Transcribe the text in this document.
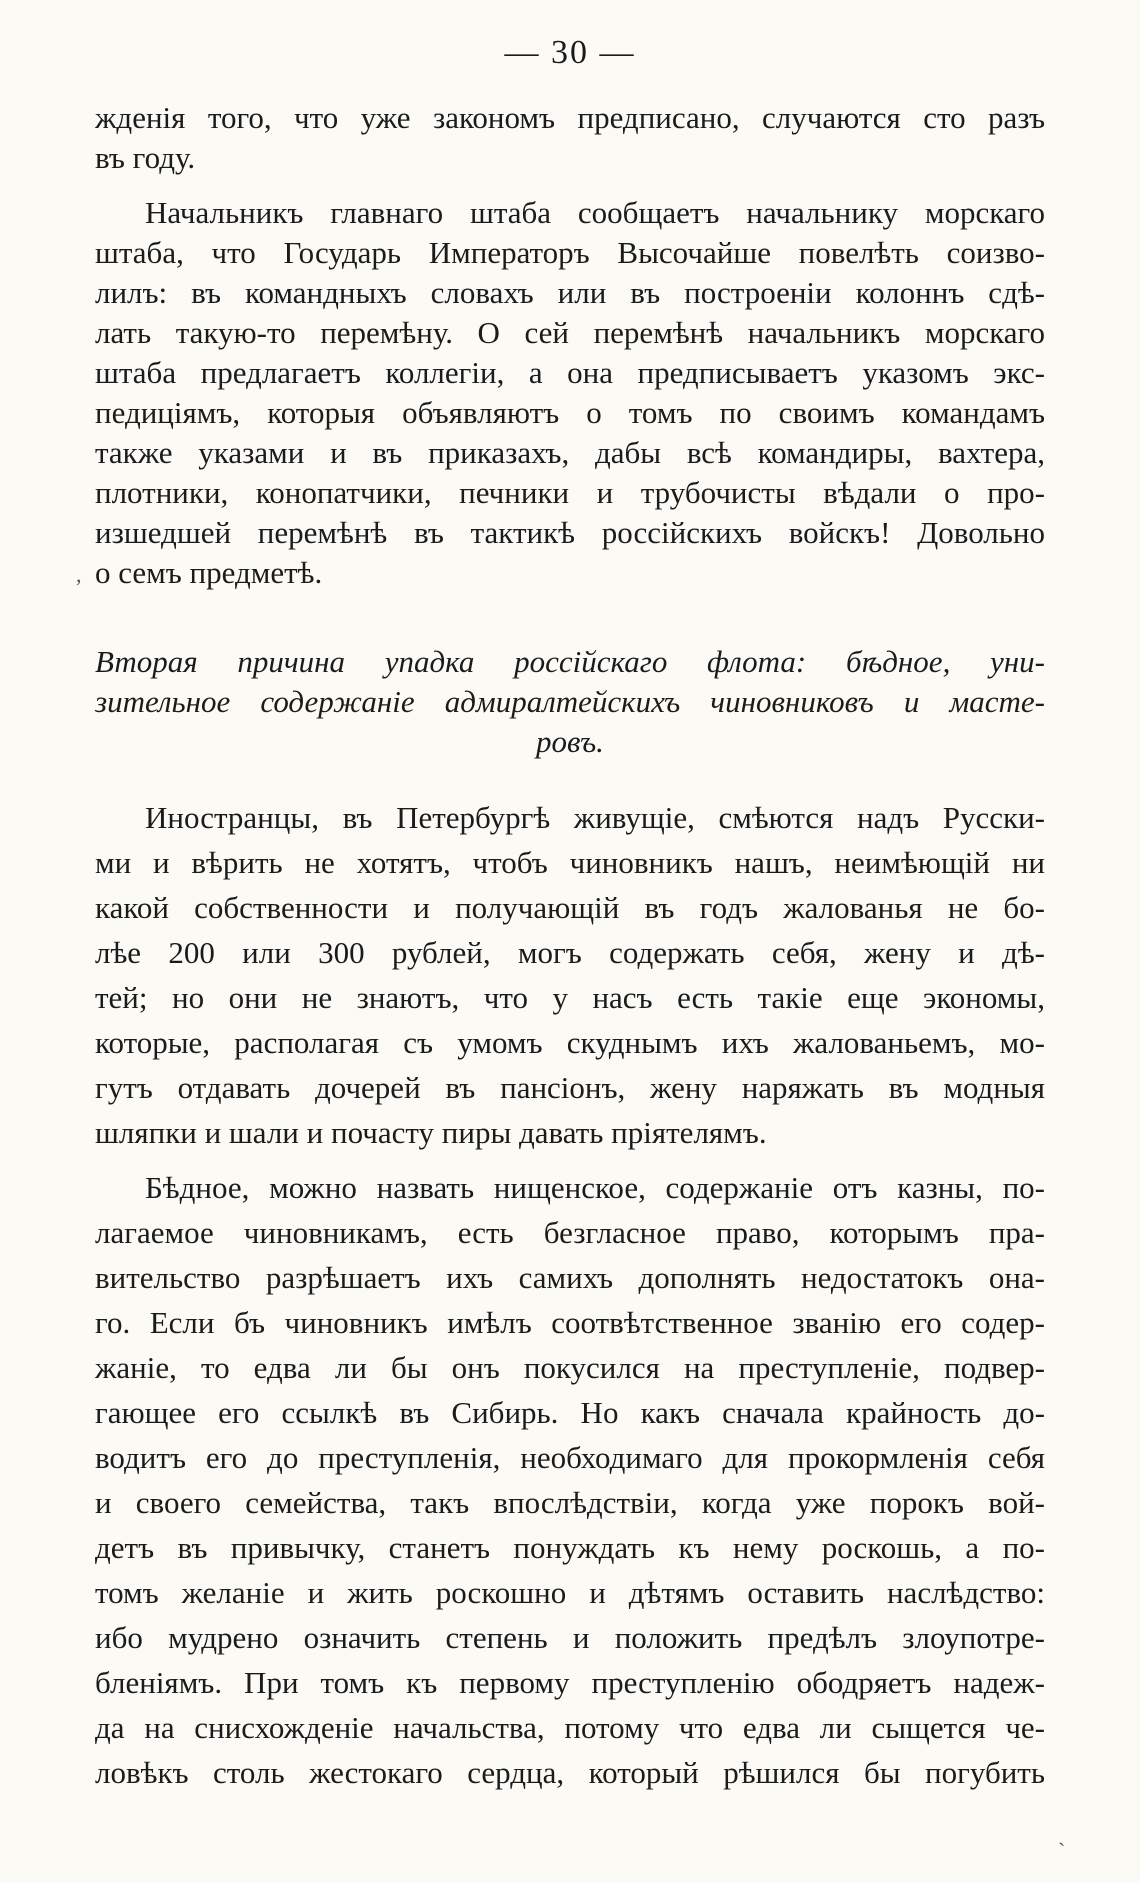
— 30 —
жденія того, что уже закономъ предписано, случаются сто разъ
въ году.
Начальникъ главнаго штаба сообщаетъ начальнику морскаго
штаба, что Государь Императоръ Высочайше повелѣть соизво-
лилъ: въ командныхъ словахъ или въ построеніи колоннъ сдѣ-
лать такую-то перемѣну. О сей перемѣнѣ начальникъ морскаго
штаба предлагаетъ коллегіи, а она предписываетъ указомъ экс-
педиціямъ, которыя объявляютъ о томъ по своимъ командамъ
также указами и въ приказахъ, дабы всѣ командиры, вахтера,
плотники, конопатчики, печники и трубочисты вѣдали о про-
изшедшей перемѣнѣ въ тактикѣ россійскихъ войскъ! Довольно
о семъ предметѣ.
,
Вторая причина упадка россійскаго флота: бѣдное, уни-
зительное содержаніе адмиралтейскихъ чиновниковъ и масте-
ровъ.
Иностранцы, въ Петербургѣ живущіе, смѣются надъ Русски-
ми и вѣрить не хотятъ, чтобъ чиновникъ нашъ, неимѣющій ни
какой собственности и получающій въ годъ жалованья не бо-
лѣе 200 или 300 рублей, могъ содержать себя, жену и дѣ-
тей; но они не знаютъ, что у насъ есть такіе еще экономы,
которые, располагая съ умомъ скуднымъ ихъ жалованьемъ, мо-
гутъ отдавать дочерей въ пансіонъ, жену наряжать въ модныя
шляпки и шали и почасту пиры давать пріятелямъ.
Бѣдное, можно назвать нищенское, содержаніе отъ казны, по-
лагаемое чиновникамъ, есть безгласное право, которымъ пра-
вительство разрѣшаетъ ихъ самихъ дополнять недостатокъ она-
го. Если бъ чиновникъ имѣлъ соотвѣтственное званію его содер-
жаніе, то едва ли бы онъ покусился на преступленіе, подвер-
гающее его ссылкѣ въ Сибирь. Но какъ сначала крайность до-
водитъ его до преступленія, необходимаго для прокормленія себя
и своего семейства, такъ впослѣдствіи, когда уже порокъ вой-
детъ въ привычку, станетъ понуждать къ нему роскошь, а по-
томъ желаніе и жить роскошно и дѣтямъ оставить наслѣдство:
ибо мудрено означить степень и положить предѣлъ злоупотре-
бленіямъ. При томъ къ первому преступленію ободряетъ надеж-
да на снисхожденіе начальства, потому что едва ли сыщется че-
ловѣкъ столь жестокаго сердца, который рѣшился бы погубить
`
